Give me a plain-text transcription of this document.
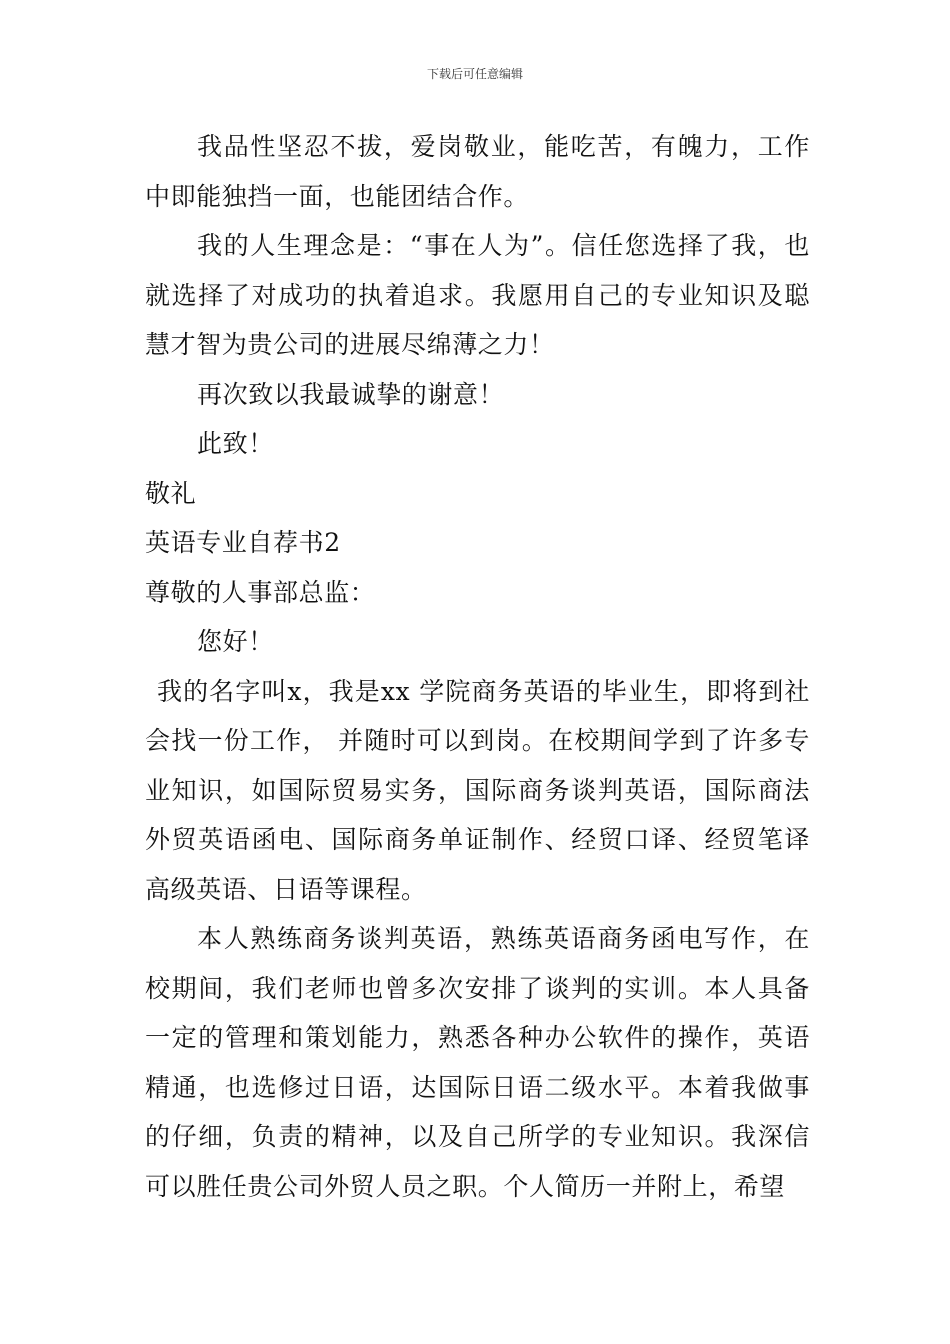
下载后可任意编辑

我品性坚忍不拔，爱岗敬业，能吃苦，有魄力，工作中即能独挡一面，也能团结合作。

我的人生理念是：“事在人为”。信任您选择了我，也就选择了对成功的执着追求。我愿用自己的专业知识及聪慧才智为贵公司的进展尽绵薄之力！

再次致以我最诚挚的谢意！

此致！

敬礼

英语专业自荐书2

尊敬的人事部总监：

您好！

我的名字叫x，我是xx 学院商务英语的毕业生，即将到社会找一份工作， 并随时可以到岗。在校期间学到了许多专业知识，如国际贸易实务，国际商务谈判英语，国际商法外贸英语函电、国际商务单证制作、经贸口译、经贸笔译高级英语、日语等课程。

本人熟练商务谈判英语，熟练英语商务函电写作，在校期间，我们老师也曾多次安排了谈判的实训。本人具备一定的管理和策划能力，熟悉各种办公软件的操作，英语精通，也选修过日语，达国际日语二级水平。本着我做事的仔细，负责的精神，以及自己所学的专业知识。我深信可以胜任贵公司外贸人员之职。个人简历一并附上，希望
